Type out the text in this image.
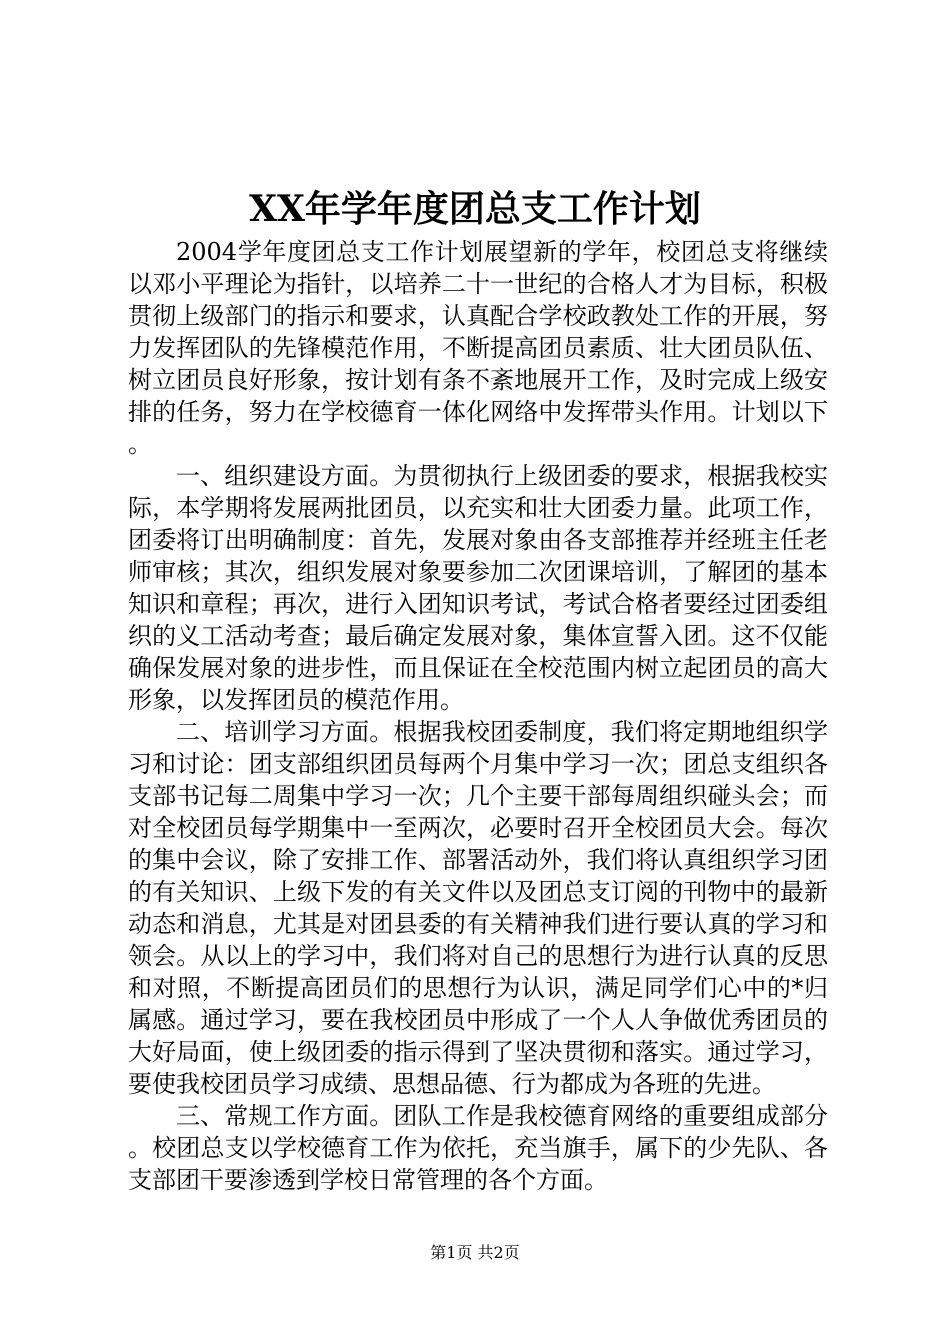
XX年学年度团总支工作计划

2004学年度团总支工作计划展望新的学年，校团总支将继续以邓小平理论为指针，以培养二十一世纪的合格人才为目标，积极贯彻上级部门的指示和要求，认真配合学校政教处工作的开展，努力发挥团队的先锋模范作用，不断提高团员素质、壮大团员队伍、树立团员良好形象，按计划有条不紊地展开工作，及时完成上级安排的任务，努力在学校德育一体化网络中发挥带头作用。计划以下。

一、组织建设方面。为贯彻执行上级团委的要求，根据我校实际，本学期将发展两批团员，以充实和壮大团委力量。此项工作，团委将订出明确制度：首先，发展对象由各支部推荐并经班主任老师审核；其次，组织发展对象要参加二次团课培训，了解团的基本知识和章程；再次，进行入团知识考试，考试合格者要经过团委组织的义工活动考查；最后确定发展对象，集体宣誓入团。这不仅能确保发展对象的进步性，而且保证在全校范围内树立起团员的高大形象，以发挥团员的模范作用。

二、培训学习方面。根据我校团委制度，我们将定期地组织学习和讨论：团支部组织团员每两个月集中学习一次；团总支组织各支部书记每二周集中学习一次；几个主要干部每周组织碰头会；而对全校团员每学期集中一至两次，必要时召开全校团员大会。每次的集中会议，除了安排工作、部署活动外，我们将认真组织学习团的有关知识、上级下发的有关文件以及团总支订阅的刊物中的最新动态和消息，尤其是对团县委的有关精神我们进行要认真的学习和领会。从以上的学习中，我们将对自己的思想行为进行认真的反思和对照，不断提高团员们的思想行为认识，满足同学们心中的*归属感。通过学习，要在我校团员中形成了一个人人争做优秀团员的大好局面，使上级团委的指示得到了坚决贯彻和落实。通过学习，要使我校团员学习成绩、思想品德、行为都成为各班的先进。

三、常规工作方面。团队工作是我校德育网络的重要组成部分。校团总支以学校德育工作为依托，充当旗手，属下的少先队、各支部团干要渗透到学校日常管理的各个方面。

第1页 共2页
